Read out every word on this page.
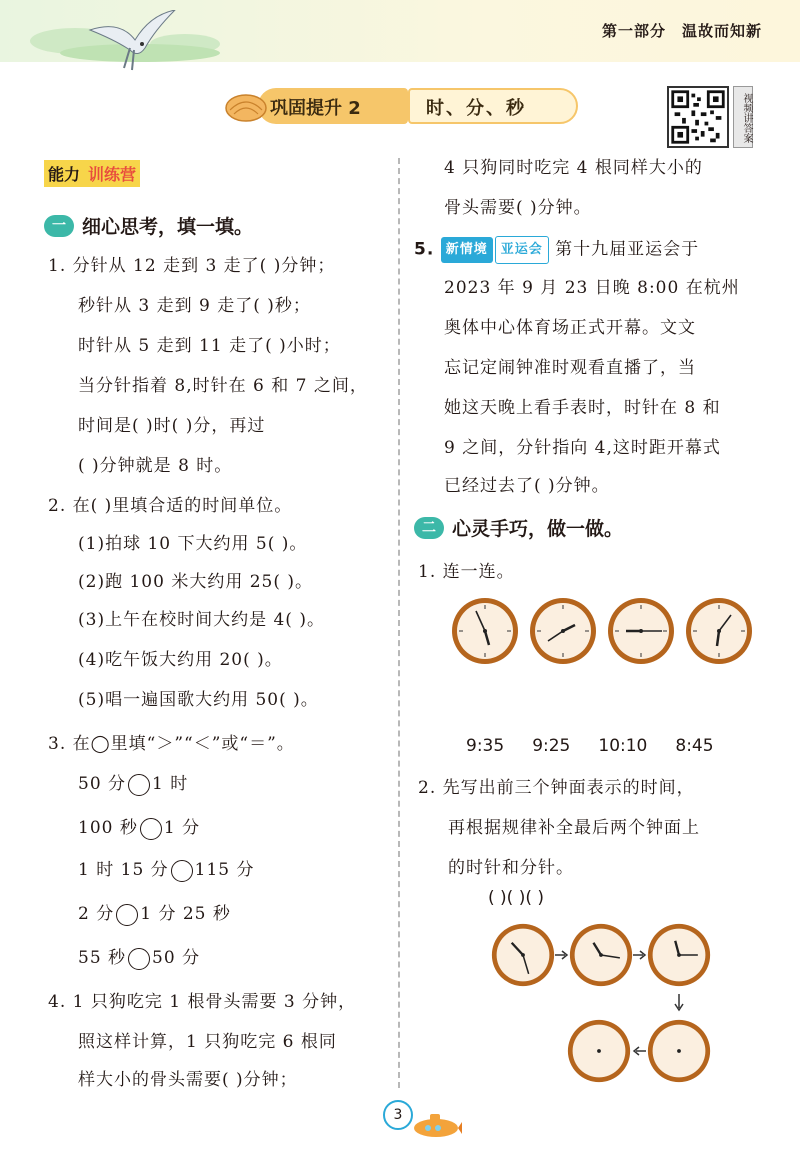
第一部分 温故而知新
巩固提升 2	时、分、秒	视频讲答案
能力 训练营
一 细心思考，填一填。
1. 分针从 12 走到 3 走了( )分钟；
秒针从 3 走到 9 走了( )秒；
时针从 5 走到 11 走了( )小时；
当分针指着 8,时针在 6 和 7 之间，
时间是( )时( )分，再过
( )分钟就是 8 时。
2. 在( )里填合适的时间单位。
(1)拍球 10 下大约用 5( )。
(2)跑 100 米大约用 25( )。
(3)上午在校时间大约是 4( )。
(4)吃午饭大约用 20( )。
(5)唱一遍国歌大约用 50( )。
3. 在◯里填“＞”“＜”或“＝”。
50 分 1 时
100 秒 1 分
1 时 15 分 115 分
2 分 1 分 25 秒
55 秒 50 分
4. 1 只狗吃完 1 根骨头需要 3 分钟，
照这样计算，1 只狗吃完 6 根同
样大小的骨头需要( )分钟；
4 只狗同时吃完 4 根同样大小的
骨头需要( )分钟。
5. 新情境 亚运会 第十九届亚运会于
2023 年 9 月 23 日晚 8:00 在杭州
奥体中心体育场正式开幕。文文
忘记定闹钟准时观看直播了，当
她这天晚上看手表时，时针在 8 和
9 之间，分针指向 4,这时距开幕式
已经过去了( )分钟。
二 心灵手巧，做一做。
1. 连一连。
9:35 9:25 10:10 8:45
2. 先写出前三个钟面表示的时间，
再根据规律补全最后两个钟面上
的时针和分针。
( )( )( )
3
